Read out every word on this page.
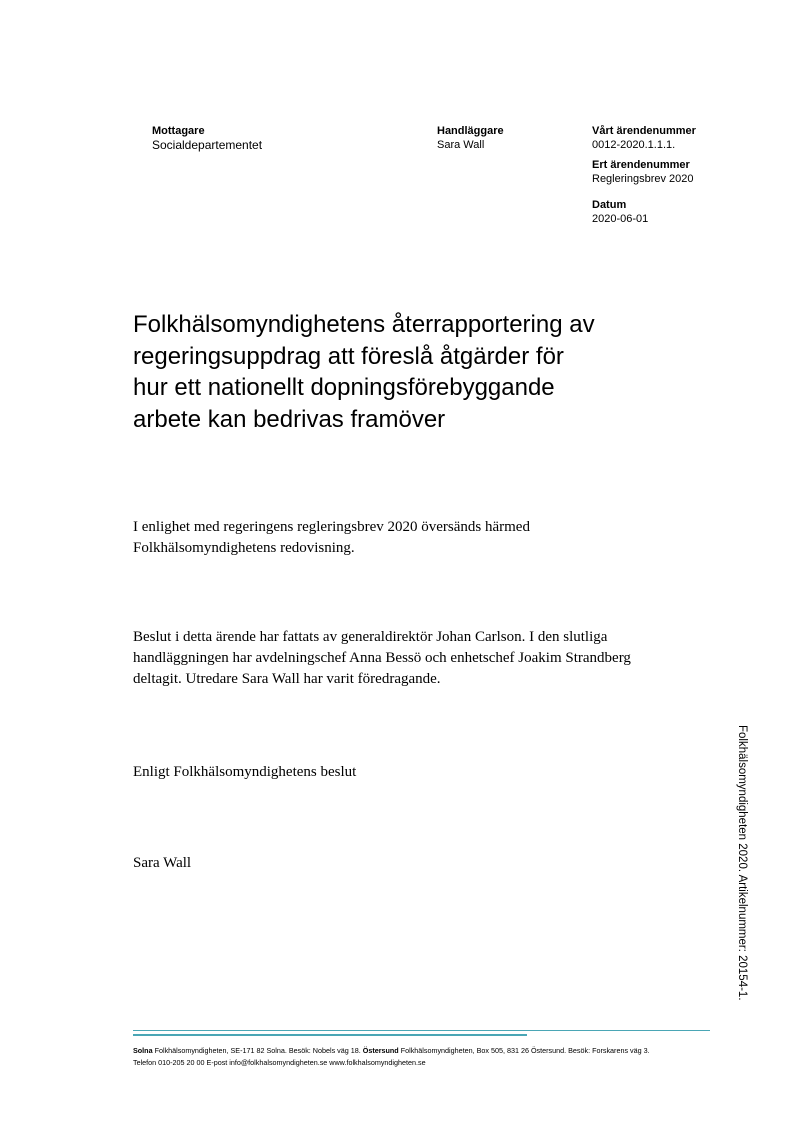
Mottagare
Socialdepartementet
Handläggare
Sara Wall
Vårt ärendenummer
0012-2020.1.1.1.
Ert ärendenummer
Regleringsbrev 2020
Datum
2020-06-01
Folkhälsomyndighetens återrapportering av
regeringsuppdrag att föreslå åtgärder för
hur ett nationellt dopningsförebyggande
arbete kan bedrivas framöver

I enlighet med regeringens regleringsbrev 2020 översänds härmed
Folkhälsomyndighetens redovisning.

Beslut i detta ärende har fattats av generaldirektör Johan Carlson. I den slutliga
handläggningen har avdelningschef Anna Bessö och enhetschef Joakim Strandberg
deltagit. Utredare Sara Wall har varit föredragande.

Enligt Folkhälsomyndighetens beslut

Sara Wall	Folkhälsomyndigheten 2020. Artikelnummer: 20154-1.
Solna Folkhälsomyndigheten, SE-171 82 Solna. Besök: Nobels väg 18. Östersund Folkhälsomyndigheten, Box 505, 831 26 Östersund. Besök: Forskarens väg 3.
Telefon 010-205 20 00 E-post info@folkhalsomyndigheten.se www.folkhalsomyndigheten.se
